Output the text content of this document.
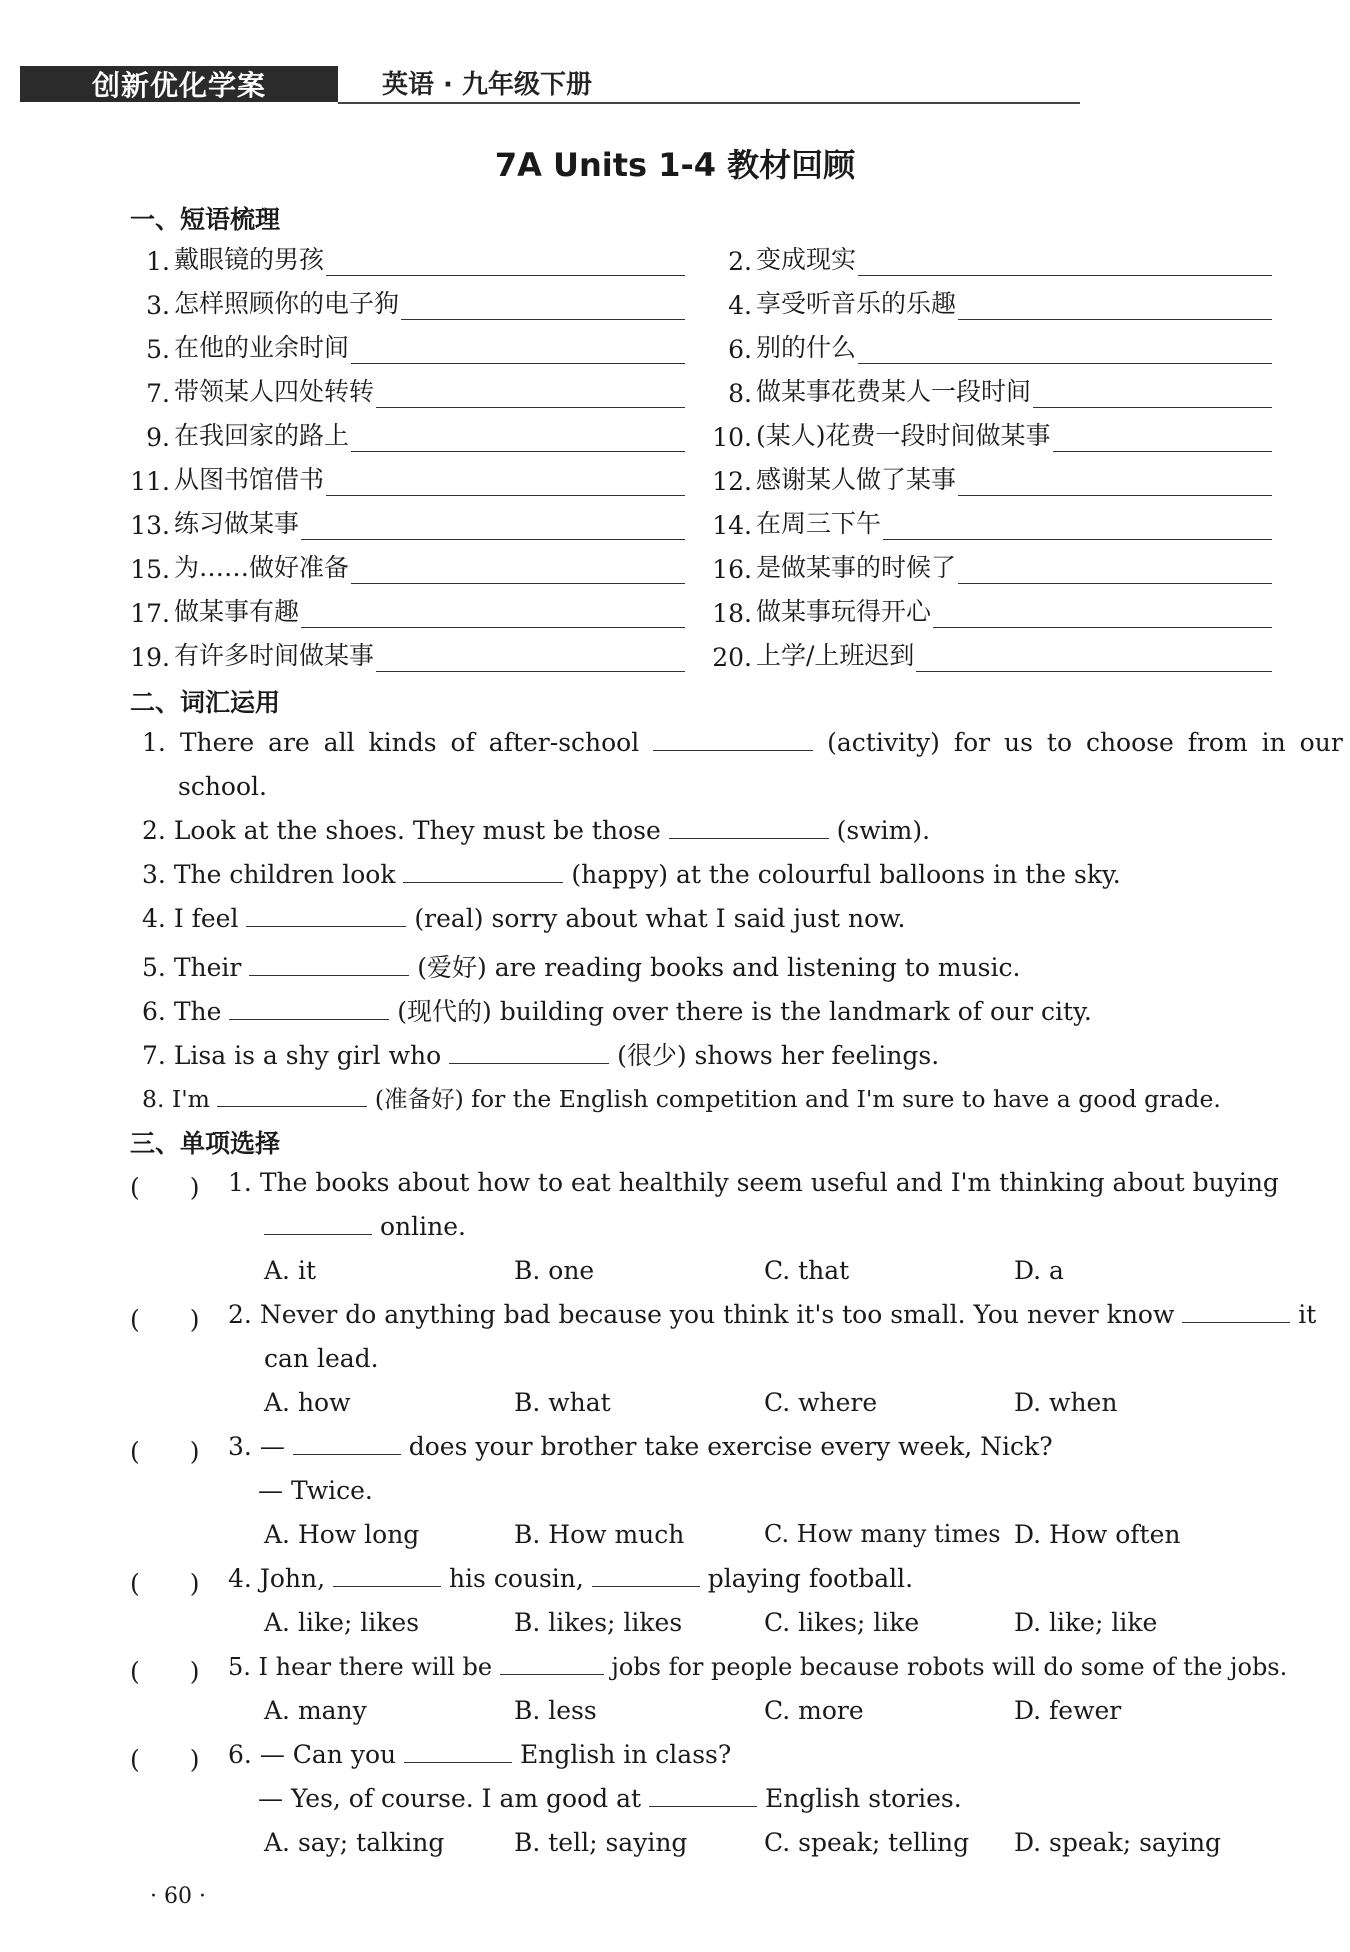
创新优化学案	英语 · 九年级下册
7A Units 1-4 教材回顾
一、短语梳理
1. 戴眼镜的男孩	2. 变成现实
3. 怎样照顾你的电子狗	4. 享受听音乐的乐趣
5. 在他的业余时间	6. 别的什么
7. 带领某人四处转转	8. 做某事花费某人一段时间
9. 在我回家的路上	10. (某人)花费一段时间做某事
11. 从图书馆借书	12. 感谢某人做了某事
13. 练习做某事	14. 在周三下午
15. 为……做好准备	16. 是做某事的时候了
17. 做某事有趣	18. 做某事玩得开心
19. 有许多时间做某事	20. 上学/上班迟到
二、词汇运用
1. There are all kinds of after-school	(activity) for us to choose from in our
school.
2. Look at the shoes. They must be those	(swim).
3. The children look	(happy) at the colourful balloons in the sky.
4. I feel	(real) sorry about what I said just now.
5. Their	(爱好) are reading books and listening to music.
6. The	(现代的) building over there is the landmark of our city.
7. Lisa is a shy girl who	(很少) shows her feelings.
8. I'm	(准备好) for the English competition and I'm sure to have a good grade.
三、单项选择
(　　) 1. The books about how to eat healthily seem useful and I'm thinking about buying
online.
A. it	B. one	C. that	D. a
(　　) 2. Never do anything bad because you think it's too small. You never know	it
can lead.
A. how	B. what	C. where	D. when
(　　) 3. —	does your brother take exercise every week, Nick?
— Twice.
A. How long	B. How much	C. How many times D. How often
(　　) 4. John,	his cousin,	playing football.
A. like; likes	B. likes; likes	C. likes; like	D. like; like
(　　) 5. I hear there will be	jobs for people because robots will do some of the jobs.
A. many	B. less	C. more	D. fewer
(　　) 6. — Can you	English in class?
— Yes, of course. I am good at	English stories.
A. say; talking	B. tell; saying	C. speak; telling D. speak; saying
· 60 ·
